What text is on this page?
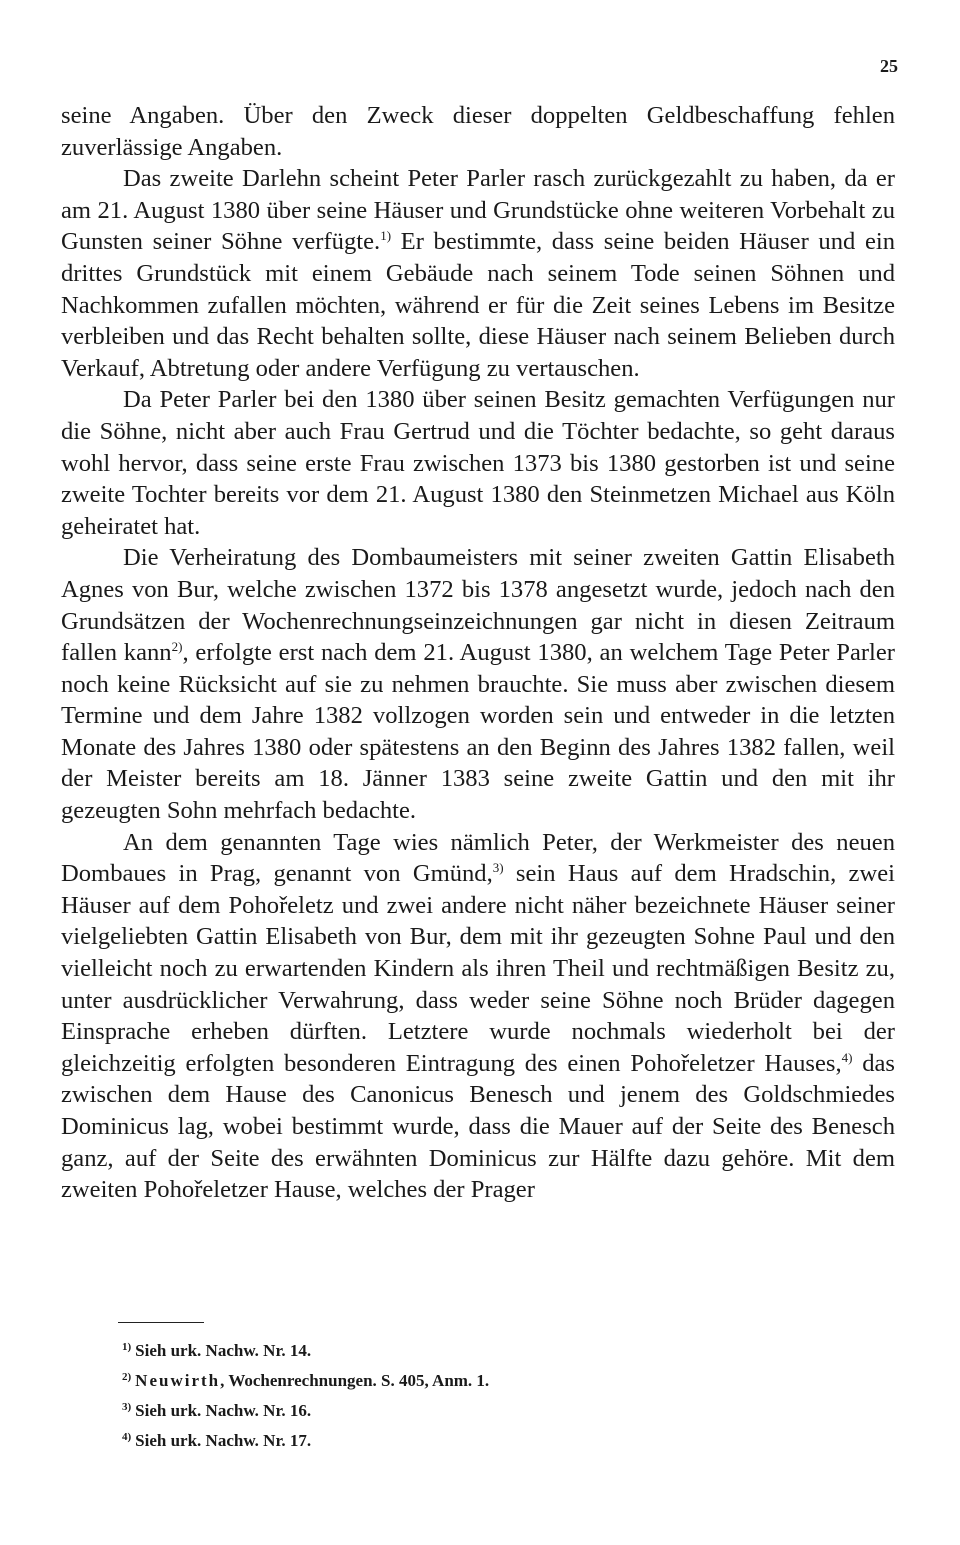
25

seine Angaben. Über den Zweck dieser doppelten Geldbeschaffung fehlen zuverlässige Angaben.

Das zweite Darlehn scheint Peter Parler rasch zurückgezahlt zu haben, da er am 21. August 1380 über seine Häuser und Grundstücke ohne weiteren Vorbehalt zu Gunsten seiner Söhne verfügte.$^{1)}$ Er bestimmte, dass seine beiden Häuser und ein drittes Grundstück mit einem Gebäude nach seinem Tode seinen Söhnen und Nachkommen zufallen möchten, während er für die Zeit seines Lebens im Besitze verbleiben und das Recht behalten sollte, diese Häuser nach seinem Belieben durch Verkauf, Abtretung oder andere Verfügung zu vertauschen.

Da Peter Parler bei den 1380 über seinen Besitz gemachten Verfügungen nur die Söhne, nicht aber auch Frau Gertrud und die Töchter bedachte, so geht daraus wohl hervor, dass seine erste Frau zwischen 1373 bis 1380 gestorben ist und seine zweite Tochter bereits vor dem 21. August 1380 den Steinmetzen Michael aus Köln geheiratet hat.

Die Verheiratung des Dombaumeisters mit seiner zweiten Gattin Elisabeth Agnes von Bur, welche zwischen 1372 bis 1378 angesetzt wurde, jedoch nach den Grundsätzen der Wochenrechnungseinzeichnungen gar nicht in diesen Zeitraum fallen kann$^{2)}$, erfolgte erst nach dem 21. August 1380, an welchem Tage Peter Parler noch keine Rücksicht auf sie zu nehmen brauchte. Sie muss aber zwischen diesem Termine und dem Jahre 1382 vollzogen worden sein und entweder in die letzten Monate des Jahres 1380 oder spätestens an den Beginn des Jahres 1382 fallen, weil der Meister bereits am 18. Jänner 1383 seine zweite Gattin und den mit ihr gezeugten Sohn mehrfach bedachte.

An dem genannten Tage wies nämlich Peter, der Werkmeister des neuen Dombaues in Prag, genannt von Gmünd,$^{3)}$ sein Haus auf dem Hradschin, zwei Häuser auf dem Pohořeletz und zwei andere nicht näher bezeichnete Häuser seiner vielgeliebten Gattin Elisabeth von Bur, dem mit ihr gezeugten Sohne Paul und den vielleicht noch zu erwartenden Kindern als ihren Theil und rechtmäßigen Besitz zu, unter ausdrücklicher Verwahrung, dass weder seine Söhne noch Brüder dagegen Einsprache erheben dürften. Letztere wurde nochmals wiederholt bei der gleichzeitig erfolgten besonderen Eintragung des einen Pohořeletzer Hauses,$^{4)}$ das zwischen dem Hause des Canonicus Benesch und jenem des Goldschmiedes Dominicus lag, wobei bestimmt wurde, dass die Mauer auf der Seite des Benesch ganz, auf der Seite des erwähnten Dominicus zur Hälfte dazu gehöre. Mit dem zweiten Pohořeletzer Hause, welches der Prager

$^{1)}$ Sieh urk. Nachw. Nr. 14.

$^{2)}$ Neuwirth, Wochenrechnungen. S. 405, Anm. 1.

$^{3)}$ Sieh urk. Nachw. Nr. 16.

$^{4)}$ Sieh urk. Nachw. Nr. 17.
